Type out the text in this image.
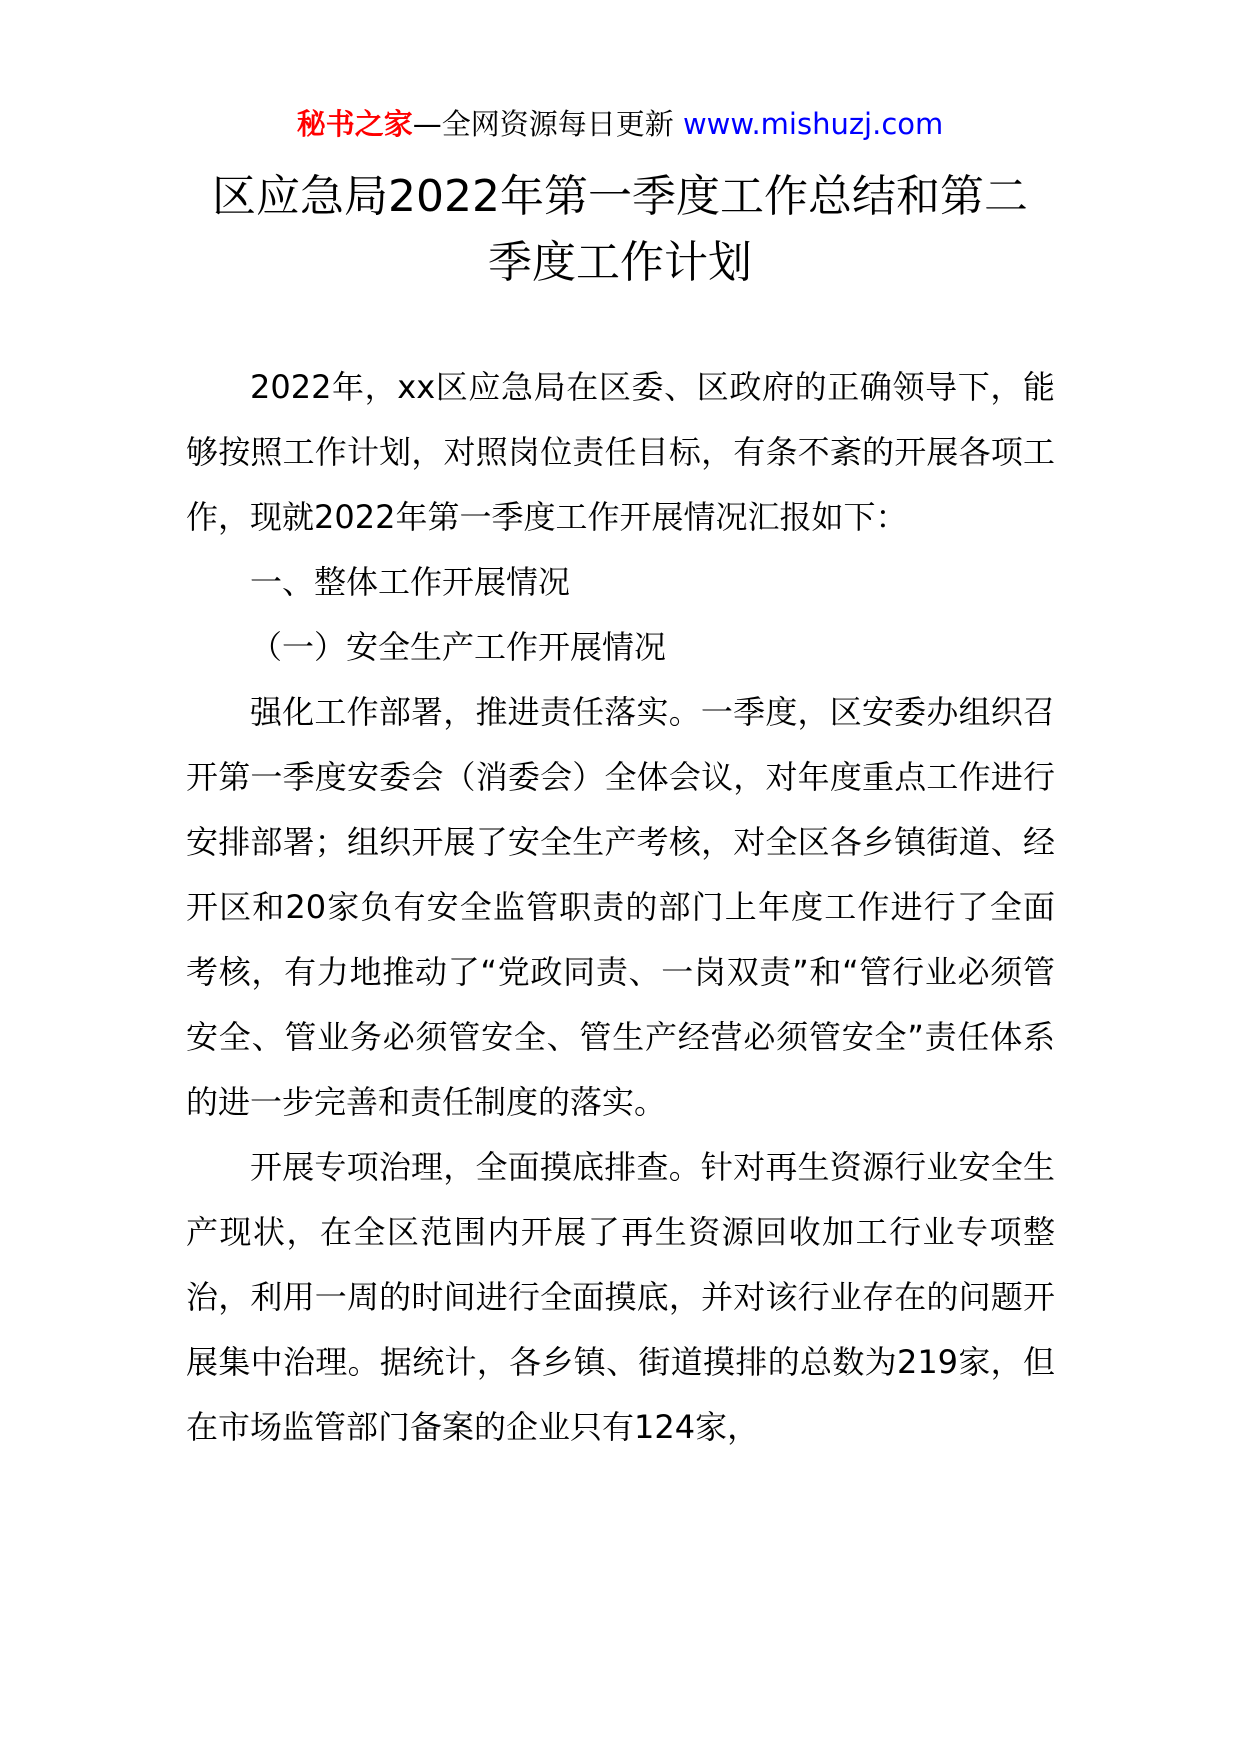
秘书之家—全网资源每日更新 www.mishuzj.com
区应急局2022年第一季度工作总结和第二
季度工作计划

2022年，xx区应急局在区委、区政府的正确领导下，能够按照工作计划，对照岗位责任目标，有条不紊的开展各项工作，现就2022年第一季度工作开展情况汇报如下：

一、整体工作开展情况

（一）安全生产工作开展情况

强化工作部署，推进责任落实。一季度，区安委办组织召开第一季度安委会（消委会）全体会议，对年度重点工作进行安排部署；组织开展了安全生产考核，对全区各乡镇街道、经开区和20家负有安全监管职责的部门上年度工作进行了全面考核，有力地推动了“党政同责、一岗双责”和“管行业必须管安全、管业务必须管安全、管生产经营必须管安全”责任体系的进一步完善和责任制度的落实。

开展专项治理，全面摸底排查。针对再生资源行业安全生产现状，在全区范围内开展了再生资源回收加工行业专项整治，利用一周的时间进行全面摸底，并对该行业存在的问题开展集中治理。据统计，各乡镇、街道摸排的总数为219家，但在市场监管部门备案的企业只有124家，
